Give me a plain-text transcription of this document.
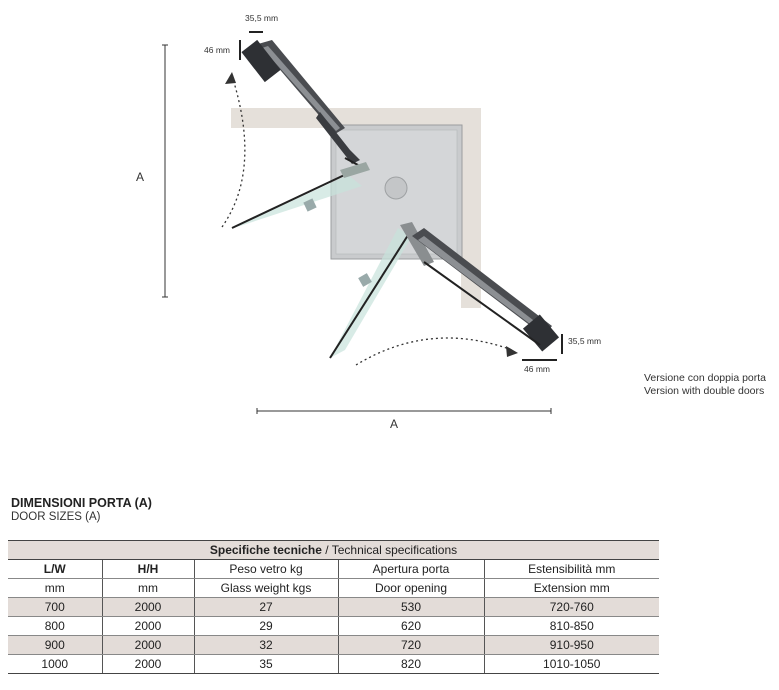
A
A
35,5 mm
46 mm
35,5 mm
46 mm
Versione con doppia porta
Version with double doors
DIMENSIONI PORTA (A)
DOOR SIZES (A)
Specifiche tecniche / Technical specifications				
L/W	H/H	Peso vetro kg	Apertura porta	Estensibilità mm
mm	mm	Glass weight kgs	Door opening	Extension mm
700	2000	27	530	720-760
800	2000	29	620	810-850
900	2000	32	720	910-950
1000	2000	35	820	1010-1050
